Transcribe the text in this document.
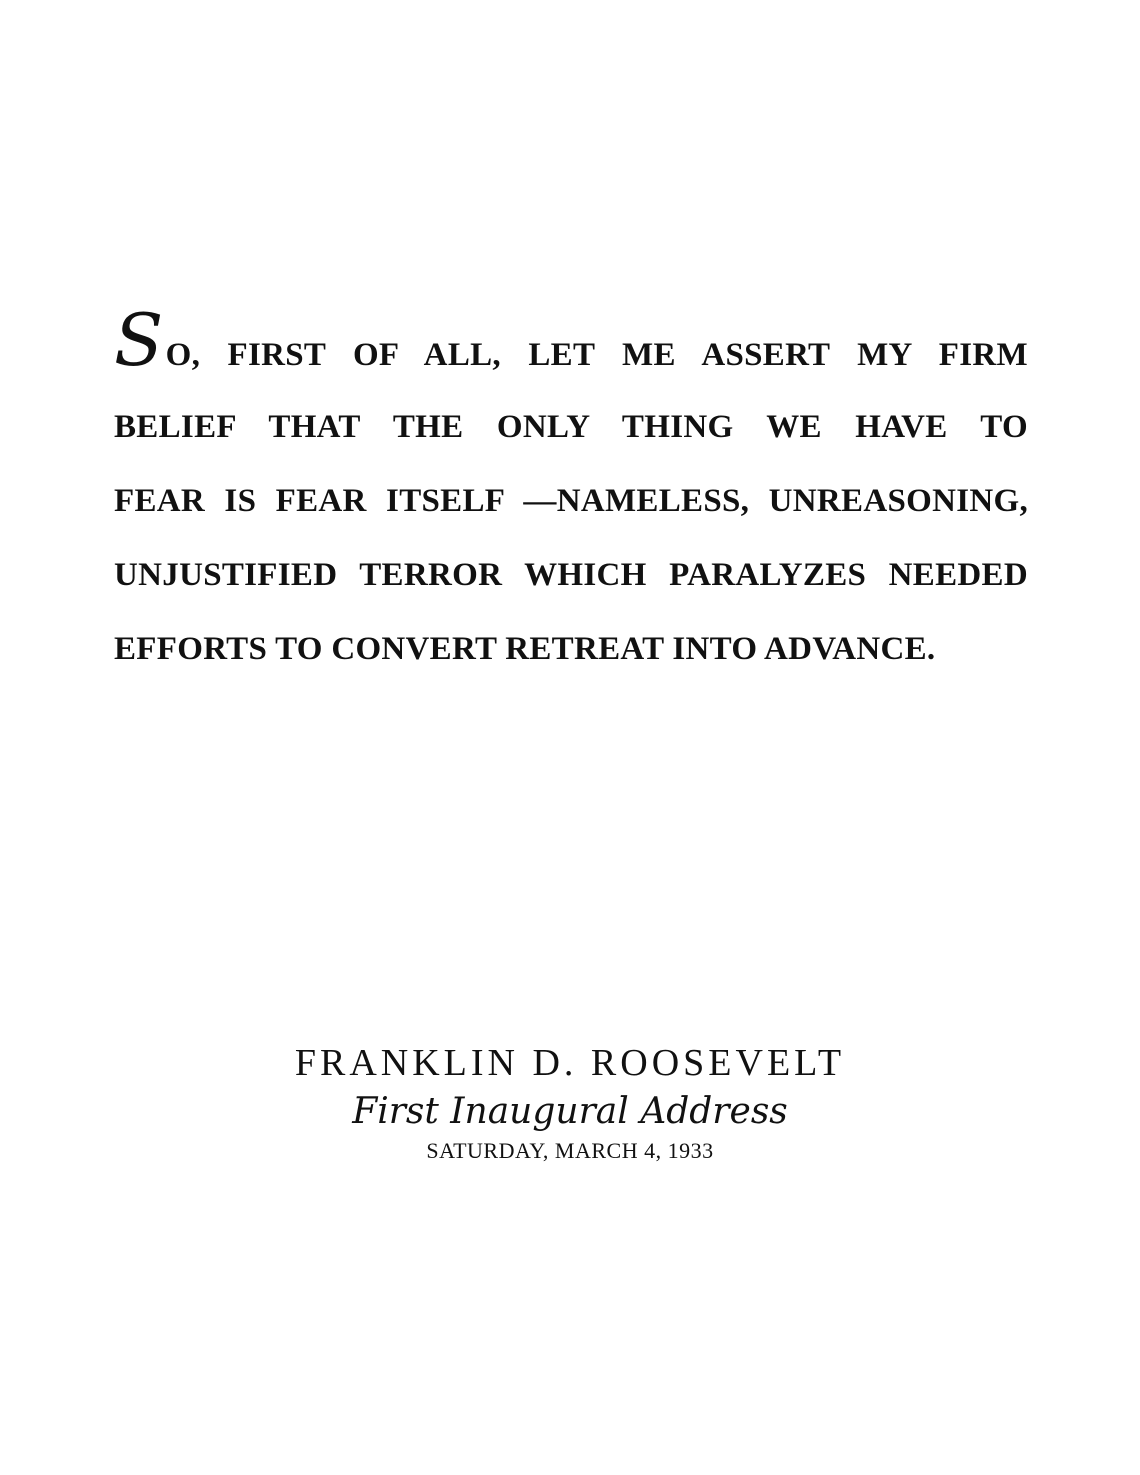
SO, FIRST OF ALL, LET ME ASSERT MY FIRM
BELIEF THAT THE ONLY THING WE HAVE TO
FEAR IS FEAR ITSELF —NAMELESS, UNREASONING,
UNJUSTIFIED TERROR WHICH PARALYZES NEEDED
EFFORTS TO CONVERT RETREAT INTO ADVANCE.
FRANKLIN D. ROOSEVELT
First Inaugural Address
SATURDAY, MARCH 4, 1933
